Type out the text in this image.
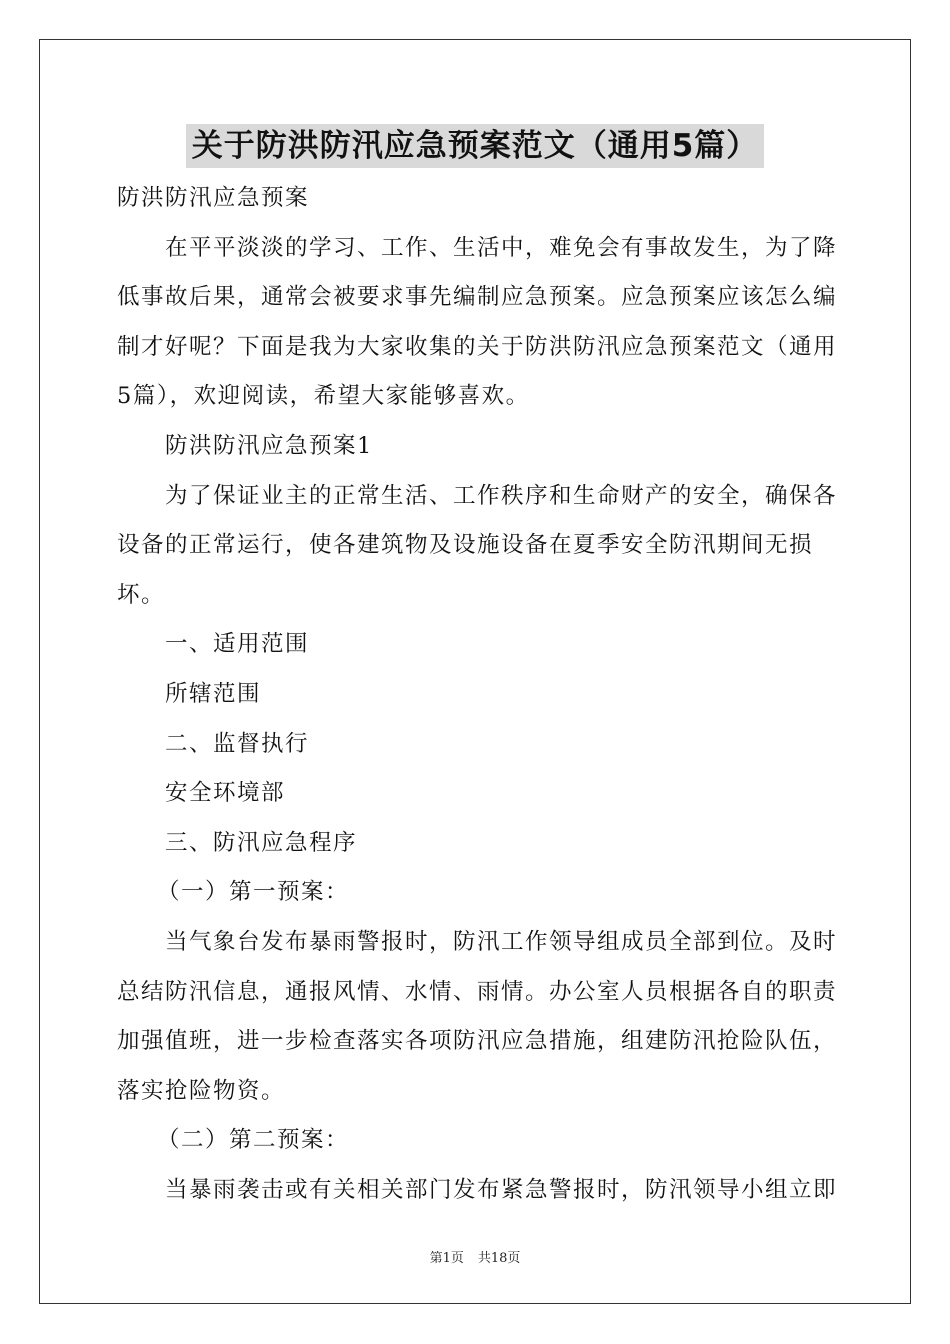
关于防洪防汛应急预案范文（通用5篇）

防洪防汛应急预案

在平平淡淡的学习、工作、生活中，难免会有事故发生，为了降低事故后果，通常会被要求事先编制应急预案。应急预案应该怎么编制才好呢？下面是我为大家收集的关于防洪防汛应急预案范文（通用5篇），欢迎阅读，希望大家能够喜欢。

防洪防汛应急预案1

为了保证业主的正常生活、工作秩序和生命财产的安全，确保各设备的正常运行，使各建筑物及设施设备在夏季安全防汛期间无损坏。

一、适用范围

所辖范围

二、监督执行

安全环境部

三、防汛应急程序

（一）第一预案：

当气象台发布暴雨警报时，防汛工作领导组成员全部到位。及时总结防汛信息，通报风情、水情、雨情。办公室人员根据各自的职责加强值班，进一步检查落实各项防汛应急措施，组建防汛抢险队伍，落实抢险物资。

（二）第二预案：

当暴雨袭击或有关相关部门发布紧急警报时，防汛领导小组立即

第1页 共18页
